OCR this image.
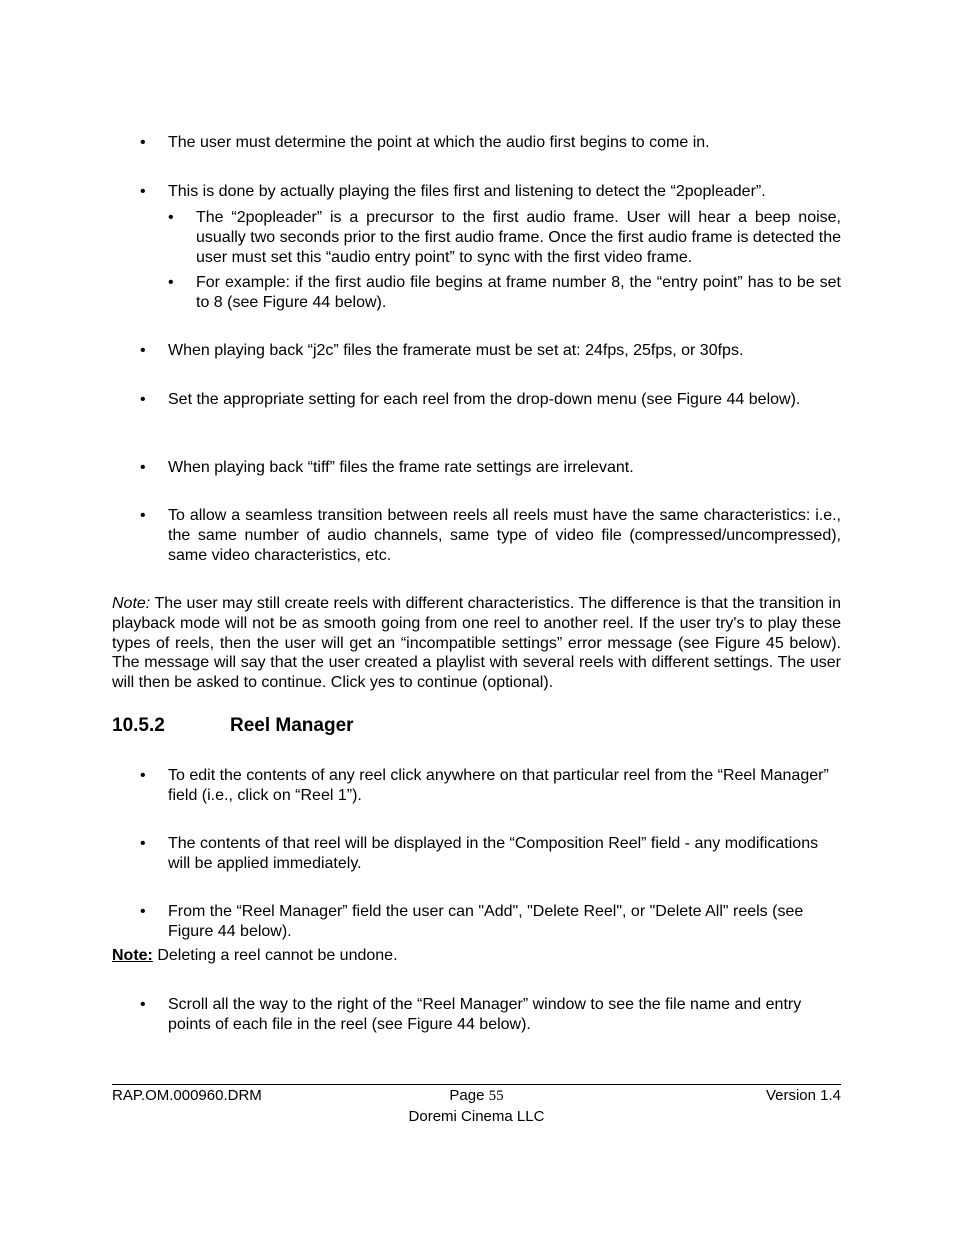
• The user must determine the point at which the audio first begins to come in.
• This is done by actually playing the files first and listening to detect the “2popleader”.
• The “2popleader” is a precursor to the first audio frame. User will hear a beep noise, usually two seconds prior to the first audio frame. Once the first audio frame is detected the user must set this “audio entry point” to sync with the first video frame.
• For example: if the first audio file begins at frame number 8, the “entry point” has to be set to 8 (see Figure 44 below).
• When playing back “j2c” files the framerate must be set at: 24fps, 25fps, or 30fps.
• Set the appropriate setting for each reel from the drop-down menu (see Figure 44 below).
• When playing back “tiff” files the frame rate settings are irrelevant.
• To allow a seamless transition between reels all reels must have the same characteristics: i.e., the same number of audio channels, same type of video file (compressed/uncompressed), same video characteristics, etc.
Note: The user may still create reels with different characteristics. The difference is that the transition in playback mode will not be as smooth going from one reel to another reel. If the user try's to play these types of reels, then the user will get an “incompatible settings” error message (see Figure 45 below). The message will say that the user created a playlist with several reels with different settings. The user will then be asked to continue. Click yes to continue (optional).
10.5.2	Reel Manager
• To edit the contents of any reel click anywhere on that particular reel from the “Reel Manager” field (i.e., click on “Reel 1”).
• The contents of that reel will be displayed in the “Composition Reel” field - any modifications will be applied immediately.
• From the “Reel Manager” field the user can "Add", "Delete Reel", or "Delete All" reels (see Figure 44 below).
Note: Deleting a reel cannot be undone.
• Scroll all the way to the right of the “Reel Manager” window to see the file name and entry points of each file in the reel (see Figure 44 below).
RAP.OM.000960.DRM	Page 55
Doremi Cinema LLC
Version 1.4
